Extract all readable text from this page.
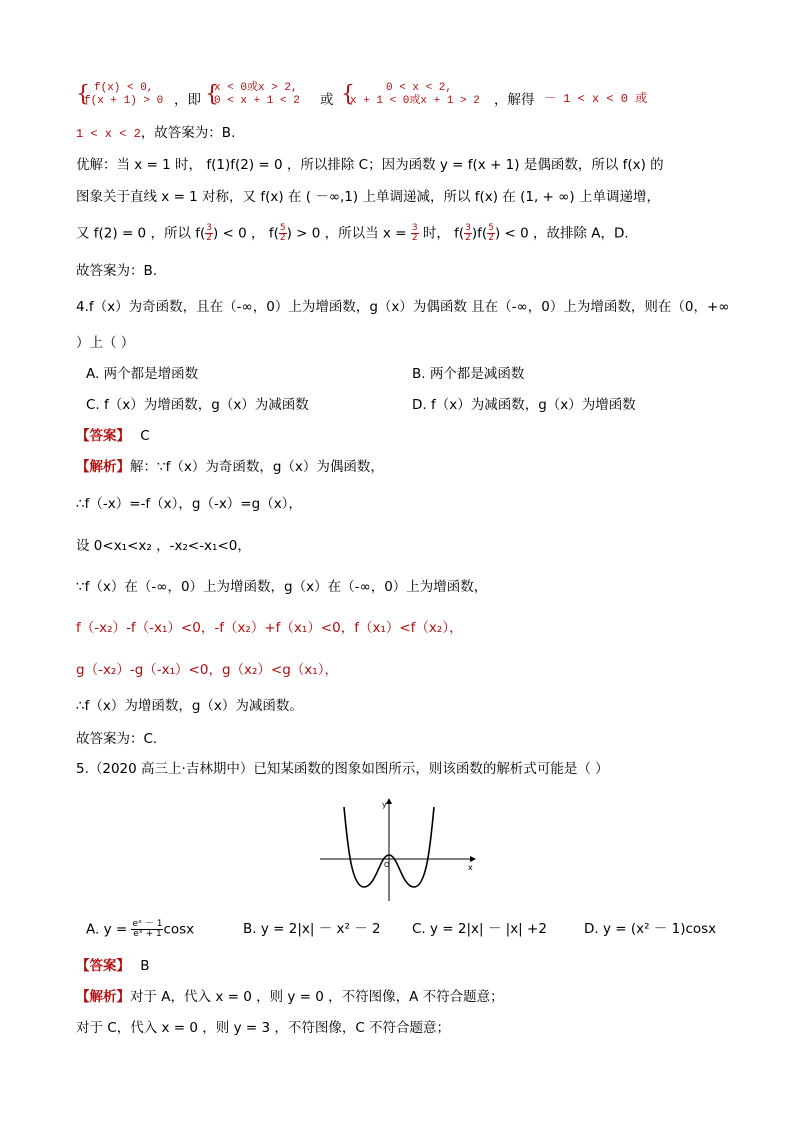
{ f(x) < 0,
f(x + 1) > 0 ，即 {
x < 0或x > 2,
0 < x + 1 < 2 或 {	0 < x < 2,
x + 1 < 0或x + 1 > 2 ，解得 － 1 < x < 0 或
1 < x < 2，故答案为：B.
优解：当 x = 1 时， f(1)f(2) = 0 ，所以排除 C；因为函数 y = f(x + 1) 是偶函数，所以 f(x) 的
图象关于直线 x = 1 对称，又 f(x) 在 ( －∞,1) 上单调递减，所以 f(x) 在 (1, + ∞) 上单调递增，
又 f(2) = 0 ，所以 $f( \frac{3}{2}$ ) < 0 ， $f( \frac{5}{2}$ ) > 0 ，所以当 $x = \frac{3}{2}$ 时， $f( \frac{3}{2} )f( \frac{5}{2}$ ) < 0 ，故排除 A，D.
故答案为：B.
4.f（x）为奇函数，且在（-∞，0）上为增函数，g（x）为偶函数 且在（-∞，0）上为增函数，则在（0，+∞
）上（ ）
A. 两个都是增函数	B. 两个都是减函数
C. f（x）为增函数，g（x）为减函数	D. f（x）为减函数，g（x）为增函数
【答案】 C
【解析】解：∵f（x）为奇函数，g（x）为偶函数，
∴f（-x）=-f（x），g（-x）=g（x），
设 0<x₁<x₂ ，-x₂<-x₁<0，
∵f（x）在（-∞，0）上为增函数，g（x）在（-∞，0）上为增函数，
f（-x₂）-f（-x₁）<0，-f（x₂）+f（x₁）<0，f（x₁）<f（x₂），
g（-x₂）-g（-x₁）<0，g（x₂）<g（x₁），
∴f（x）为增函数，g（x）为减函数。
故答案为：C.
5.（2020 高三上·吉林期中）已知某函数的图象如图所示，则该函数的解析式可能是（ ）
x
y
O
A. $y = \frac{\text{eˣ － 1}}{\text{eˣ + 1}}$ cosx	B. y = 2|x| － x² － 2 C. y = 2|x| － |x| +2	D. y = (x² － 1)cosx
【答案】 B
【解析】对于 A，代入 x = 0 ，则 y = 0 ，不符图像，A 不符合题意；
对于 C，代入 x = 0 ，则 y = 3 ，不符图像，C 不符合题意；
